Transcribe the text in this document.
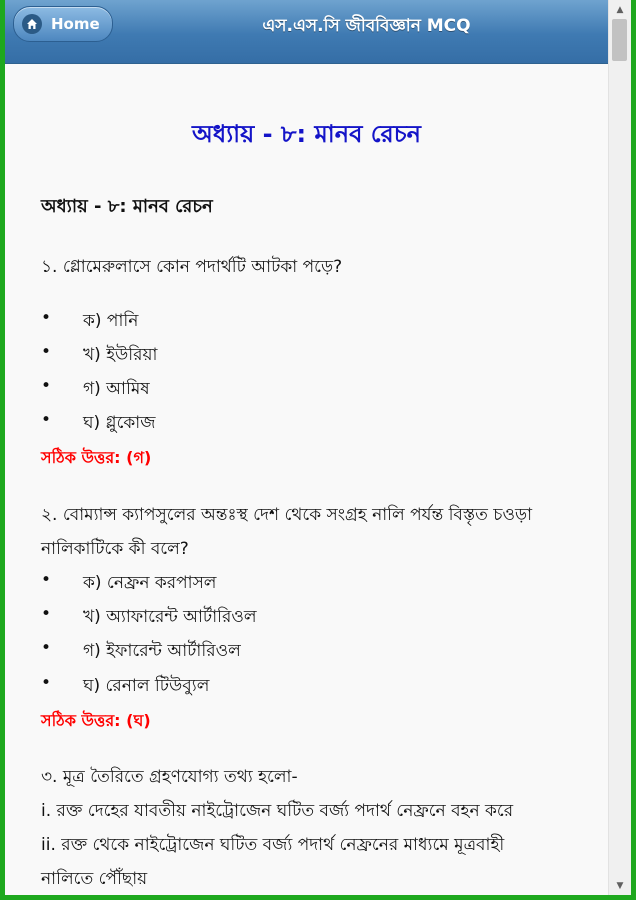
Home	এস.এস.সি জীববিজ্ঞান MCQ
▲
▼
অধ্যায় - ৮: মানব রেচন
অধ্যায় - ৮: মানব রেচন
১. গ্লোমেরুলাসে কোন পদার্থটি আটকা পড়ে?
• ক) পানি
• খ) ইউরিয়া
• গ) আমিষ
• ঘ) গ্লুকোজ
সঠিক উত্তর: (গ)
২. বোম্যান্স ক্যাপসুলের অন্তঃস্থ দেশ থেকে সংগ্রহ নালি পর্যন্ত বিস্তৃত চওড়া
নালিকাটিকে কী বলে?
• ক) নেফ্রন করপাসল
• খ) অ্যাফারেন্ট আর্টারিওল
• গ) ইফারেন্ট আর্টারিওল
• ঘ) রেনাল টিউব্যুল
সঠিক উত্তর: (ঘ)
৩. মূত্র তৈরিতে গ্রহণযোগ্য তথ্য হলো-
i. রক্ত দেহের যাবতীয় নাইট্রোজেন ঘটিত বর্জ্য পদার্থ নেফ্রনে বহন করে
ii. রক্ত থেকে নাইট্রোজেন ঘটিত বর্জ্য পদার্থ নেফ্রনের মাধ্যমে মূত্রবাহী
নালিতে পৌঁছায়
